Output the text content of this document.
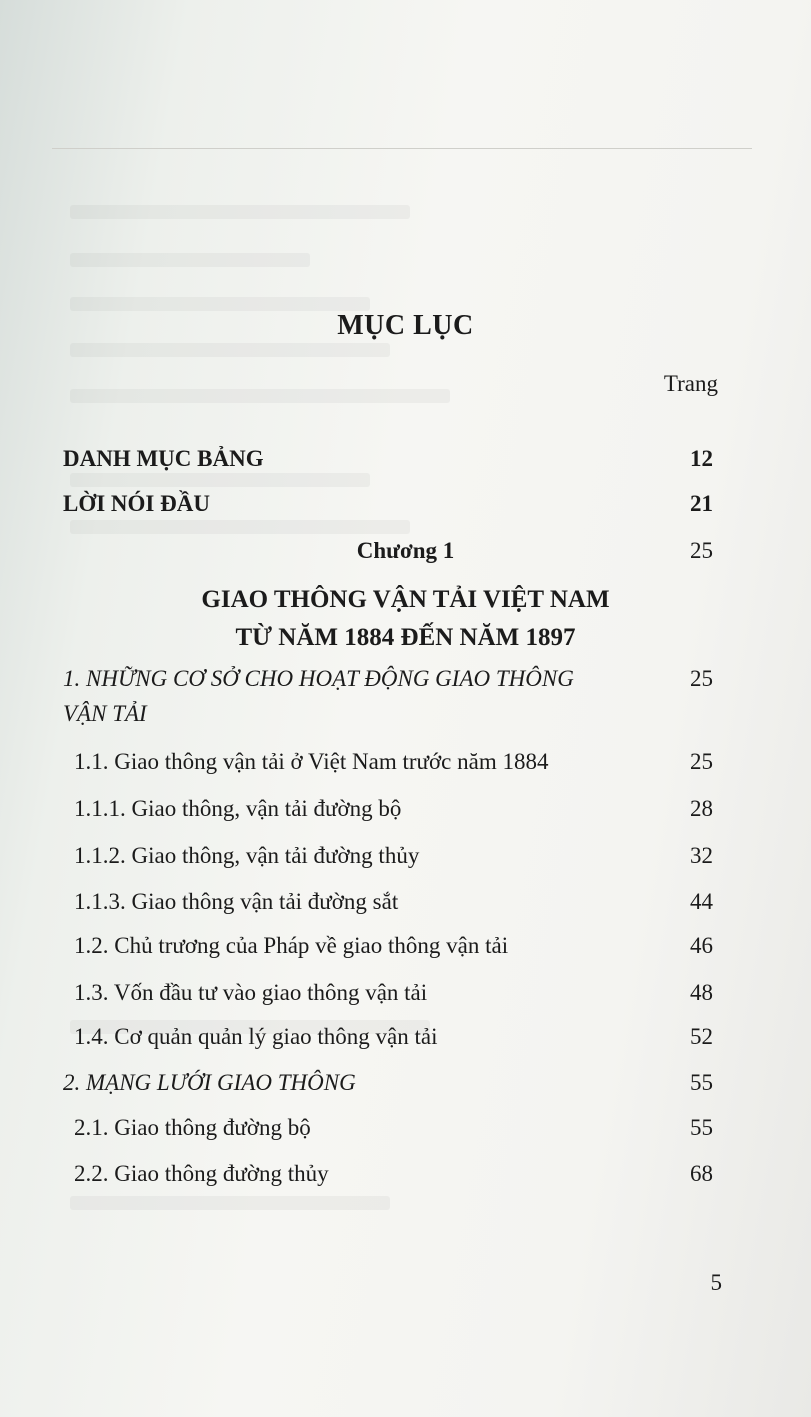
MỤC LỤC
Trang
DANH MỤC BẢNG	12
LỜI NÓI ĐẦU	21
Chương 1	25
GIAO THÔNG VẬN TẢI VIỆT NAM
TỪ NĂM 1884 ĐẾN NĂM 1897
1. NHỮNG CƠ SỞ CHO HOẠT ĐỘNG GIAO THÔNG	25
VẬN TẢI
1.1. Giao thông vận tải ở Việt Nam trước năm 1884	25
1.1.1. Giao thông, vận tải đường bộ	28
1.1.2. Giao thông, vận tải đường thủy	32
1.1.3. Giao thông vận tải đường sắt	44
1.2. Chủ trương của Pháp về giao thông vận tải	46
1.3. Vốn đầu tư vào giao thông vận tải	48
1.4. Cơ quản quản lý giao thông vận tải	52
2. MẠNG LƯỚI GIAO THÔNG	55
2.1. Giao thông đường bộ	55
2.2. Giao thông đường thủy	68
5
